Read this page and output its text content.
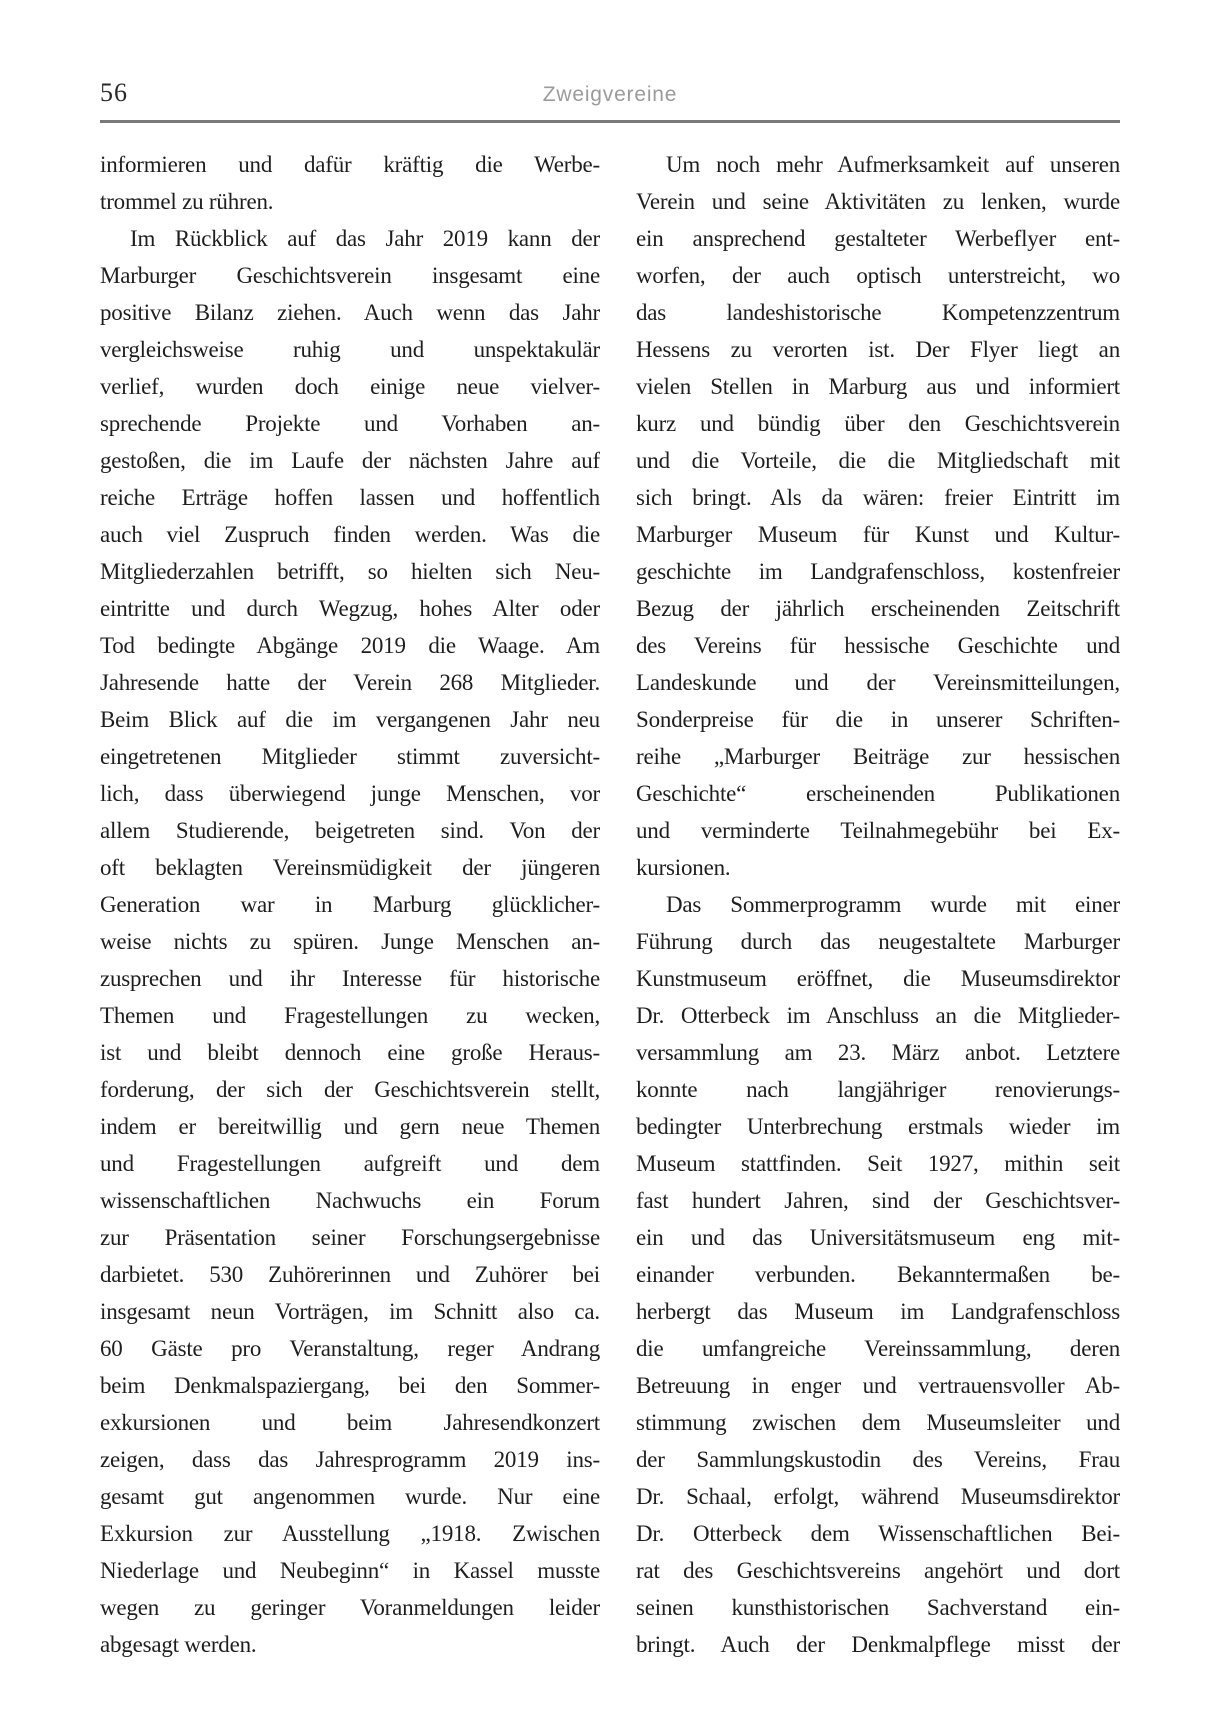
56	Zweigvereine
informieren und dafür kräftig die Werbe-
trommel zu rühren.
Im Rückblick auf das Jahr 2019 kann der
Marburger Geschichtsverein insgesamt eine
positive Bilanz ziehen. Auch wenn das Jahr
vergleichsweise ruhig und unspektakulär
verlief, wurden doch einige neue vielver-
sprechende Projekte und Vorhaben an-
gestoßen, die im Laufe der nächsten Jahre auf
reiche Erträge hoffen lassen und hoffentlich
auch viel Zuspruch finden werden. Was die
Mitgliederzahlen betrifft, so hielten sich Neu-
eintritte und durch Wegzug, hohes Alter oder
Tod bedingte Abgänge 2019 die Waage. Am
Jahresende hatte der Verein 268 Mitglieder.
Beim Blick auf die im vergangenen Jahr neu
eingetretenen Mitglieder stimmt zuversicht-
lich, dass überwiegend junge Menschen, vor
allem Studierende, beigetreten sind. Von der
oft beklagten Vereinsmüdigkeit der jüngeren
Generation war in Marburg glücklicher-
weise nichts zu spüren. Junge Menschen an-
zusprechen und ihr Interesse für historische
Themen und Fragestellungen zu wecken,
ist und bleibt dennoch eine große Heraus-
forderung, der sich der Geschichtsverein stellt,
indem er bereitwillig und gern neue Themen
und Fragestellungen aufgreift und dem
wissenschaftlichen Nachwuchs ein Forum
zur Präsentation seiner Forschungsergebnisse
darbietet. 530 Zuhörerinnen und Zuhörer bei
insgesamt neun Vorträgen, im Schnitt also ca.
60 Gäste pro Veranstaltung, reger Andrang
beim Denkmalspaziergang, bei den Sommer-
exkursionen und beim Jahresendkonzert
zeigen, dass das Jahresprogramm 2019 ins-
gesamt gut angenommen wurde. Nur eine
Exkursion zur Ausstellung „1918. Zwischen
Niederlage und Neubeginn“ in Kassel musste
wegen zu geringer Voranmeldungen leider
abgesagt werden.
Um noch mehr Aufmerksamkeit auf unseren
Verein und seine Aktivitäten zu lenken, wurde
ein ansprechend gestalteter Werbeflyer ent-
worfen, der auch optisch unterstreicht, wo
das landeshistorische Kompetenzzentrum
Hessens zu verorten ist. Der Flyer liegt an
vielen Stellen in Marburg aus und informiert
kurz und bündig über den Geschichtsverein
und die Vorteile, die die Mitgliedschaft mit
sich bringt. Als da wären: freier Eintritt im
Marburger Museum für Kunst und Kultur-
geschichte im Landgrafenschloss, kostenfreier
Bezug der jährlich erscheinenden Zeitschrift
des Vereins für hessische Geschichte und
Landeskunde und der Vereinsmitteilungen,
Sonderpreise für die in unserer Schriften-
reihe „Marburger Beiträge zur hessischen
Geschichte“ erscheinenden Publikationen
und verminderte Teilnahmegebühr bei Ex-
kursionen.
Das Sommerprogramm wurde mit einer
Führung durch das neugestaltete Marburger
Kunstmuseum eröffnet, die Museumsdirektor
Dr. Otterbeck im Anschluss an die Mitglieder-
versammlung am 23. März anbot. Letztere
konnte nach langjähriger renovierungs-
bedingter Unterbrechung erstmals wieder im
Museum stattfinden. Seit 1927, mithin seit
fast hundert Jahren, sind der Geschichtsver-
ein und das Universitätsmuseum eng mit-
einander verbunden. Bekanntermaßen be-
herbergt das Museum im Landgrafenschloss
die umfangreiche Vereinssammlung, deren
Betreuung in enger und vertrauensvoller Ab-
stimmung zwischen dem Museumsleiter und
der Sammlungskustodin des Vereins, Frau
Dr. Schaal, erfolgt, während Museumsdirektor
Dr. Otterbeck dem Wissenschaftlichen Bei-
rat des Geschichtsvereins angehört und dort
seinen kunsthistorischen Sachverstand ein-
bringt. Auch der Denkmalpflege misst der
